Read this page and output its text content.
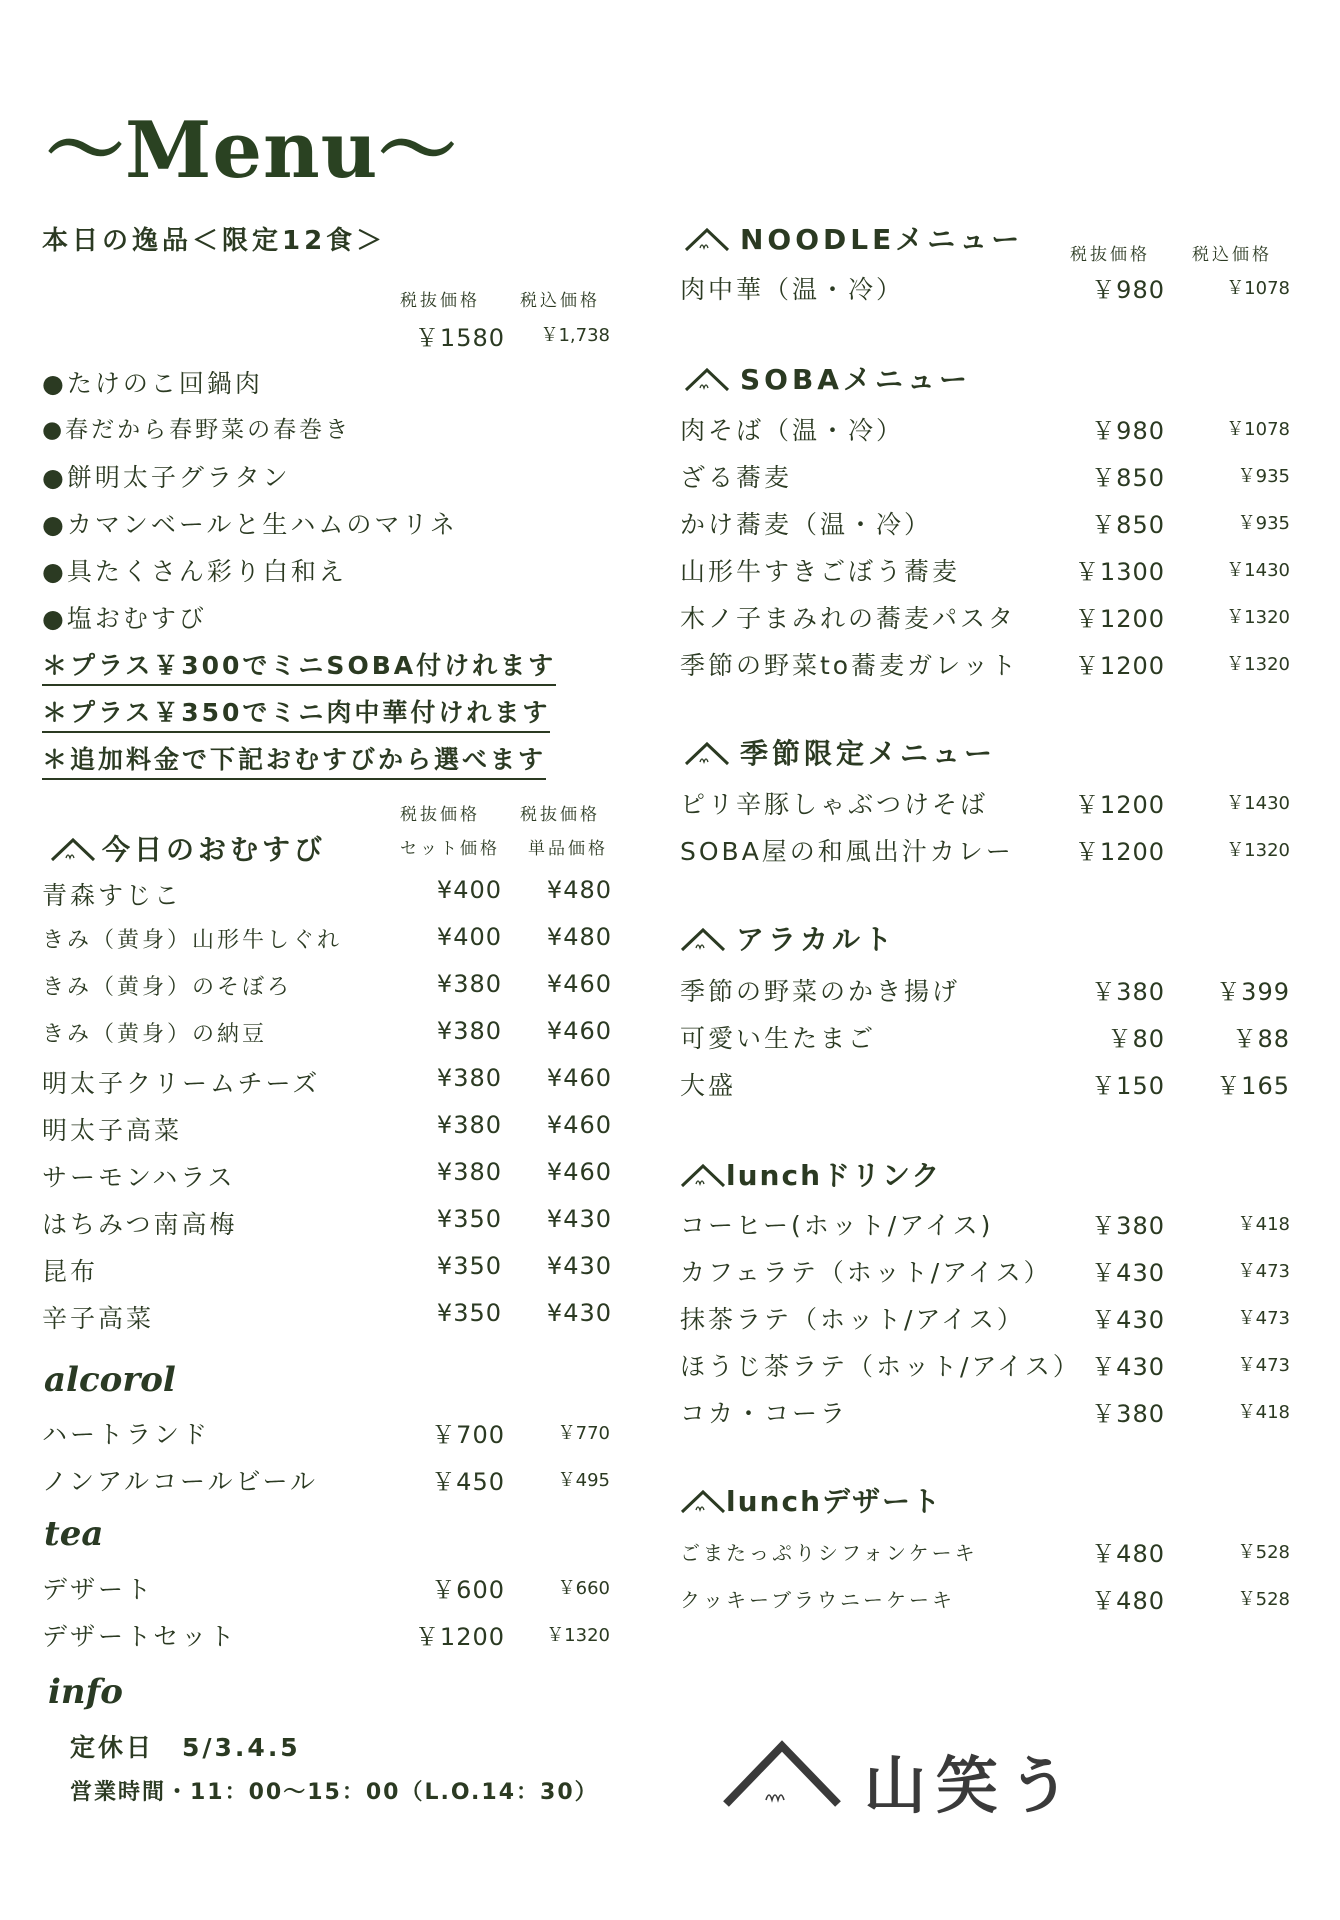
〜Menu〜
本日の逸品＜限定12食＞
税抜価格 税込価格
￥1580	￥1,738
●たけのこ回鍋肉
●春だから春野菜の春巻き
●餅明太子グラタン
●カマンベールと生ハムのマリネ
●具たくさん彩り白和え
●塩おむすび
＊プラス￥300でミニSOBA付けれます
＊プラス￥350でミニ肉中華付けれます
＊追加料金で下記おむすびから選べます
今日のおむすび
税抜価格
セット価格
税抜価格
単品価格
青森すじこ	¥400 ¥480
きみ（黄身）山形牛しぐれ	¥400 ¥480
きみ（黄身）のそぼろ	¥380 ¥460
きみ（黄身）の納豆	¥380 ¥460
明太子クリームチーズ	¥380 ¥460
明太子高菜	¥380 ¥460
サーモンハラス	¥380 ¥460
はちみつ南高梅	¥350 ¥430
昆布	¥350 ¥430
辛子高菜	¥350 ¥430
alcorol
ハートランド	￥700	￥770
ノンアルコールビール	￥450	￥495
tea
デザート	￥600	￥660
デザートセット	￥1200	￥1320
info
定休日　5/3.4.5
営業時間・11：00〜15：00（L.O.14：30）
税抜価格 税込価格
NOODLEメニュー
肉中華（温・冷）	￥980	￥1078
SOBAメニュー
肉そば（温・冷）	￥980	￥1078
ざる蕎麦	￥850	￥935
かけ蕎麦（温・冷）	￥850	￥935
山形牛すきごぼう蕎麦	￥1300	￥1430
木ノ子まみれの蕎麦パスタ ￥1200	￥1320
季節の野菜to蕎麦ガレット ￥1200	￥1320
季節限定メニュー
ピリ辛豚しゃぶつけそば	￥1200	￥1430
SOBA屋の和風出汁カレー	￥1200	￥1320
アラカルト
季節の野菜のかき揚げ	￥380	￥399
可愛い生たまご	￥80	￥88
大盛	￥150	￥165
lunchドリンク
コーヒー(ホット/アイス)	￥380	￥418
カフェラテ（ホット/アイス）	￥430	￥473
抹茶ラテ（ホット/アイス）	￥430	￥473
ほうじ茶ラテ（ホット/アイス） ￥430	￥473
コカ・コーラ	￥380	￥418
lunchデザート
ごまたっぷりシフォンケーキ	￥480	￥528
クッキーブラウニーケーキ	￥480	￥528
山笑う
